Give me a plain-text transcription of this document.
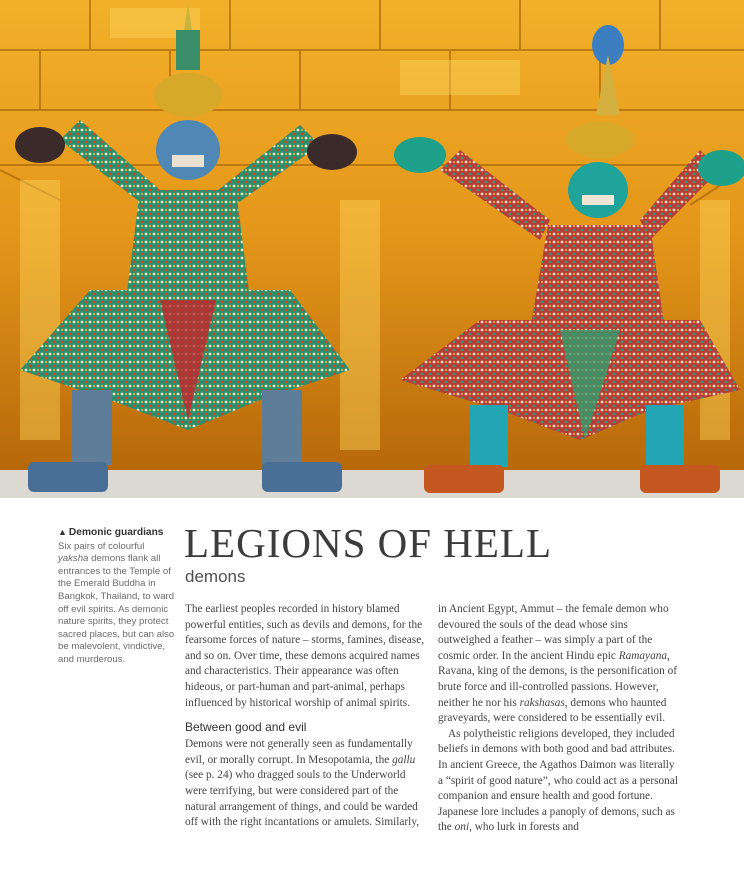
▲ Demonic guardians
Six pairs of colourful yaksha demons flank all entrances to the Temple of the Emerald Buddha in Bangkok, Thailand, to ward off evil spirits. As demonic nature spirits, they protect sacred places, but can also be malevolent, vindictive, and murderous.
LEGIONS OF HELL
demons

The earliest peoples recorded in history blamed powerful entities, such as devils and demons, for the fearsome forces of nature – storms, famines, disease, and so on. Over time, these demons acquired names and characteristics. Their appearance was often hideous, or part-human and part-animal, perhaps influenced by historical worship of animal spirits.

Between good and evil

Demons were not generally seen as fundamentally evil, or morally corrupt. In Mesopotamia, the gallu (see p. 24) who dragged souls to the Underworld were terrifying, but were considered part of the natural arrangement of things, and could be warded off with the right incantations or amulets. Similarly,

in Ancient Egypt, Ammut – the female demon who devoured the souls of the dead whose sins outweighed a feather – was simply a part of the cosmic order. In the ancient Hindu epic Ramayana, Ravana, king of the demons, is the personification of brute force and ill-controlled passions. However, neither he nor his rakshasas, demons who haunted graveyards, were considered to be essentially evil.

As polytheistic religions developed, they included beliefs in demons with both good and bad attributes. In ancient Greece, the Agathos Daimon was literally a “spirit of good nature”, who could act as a personal companion and ensure health and good fortune. Japanese lore includes a panoply of demons, such as the oni, who lurk in forests and
